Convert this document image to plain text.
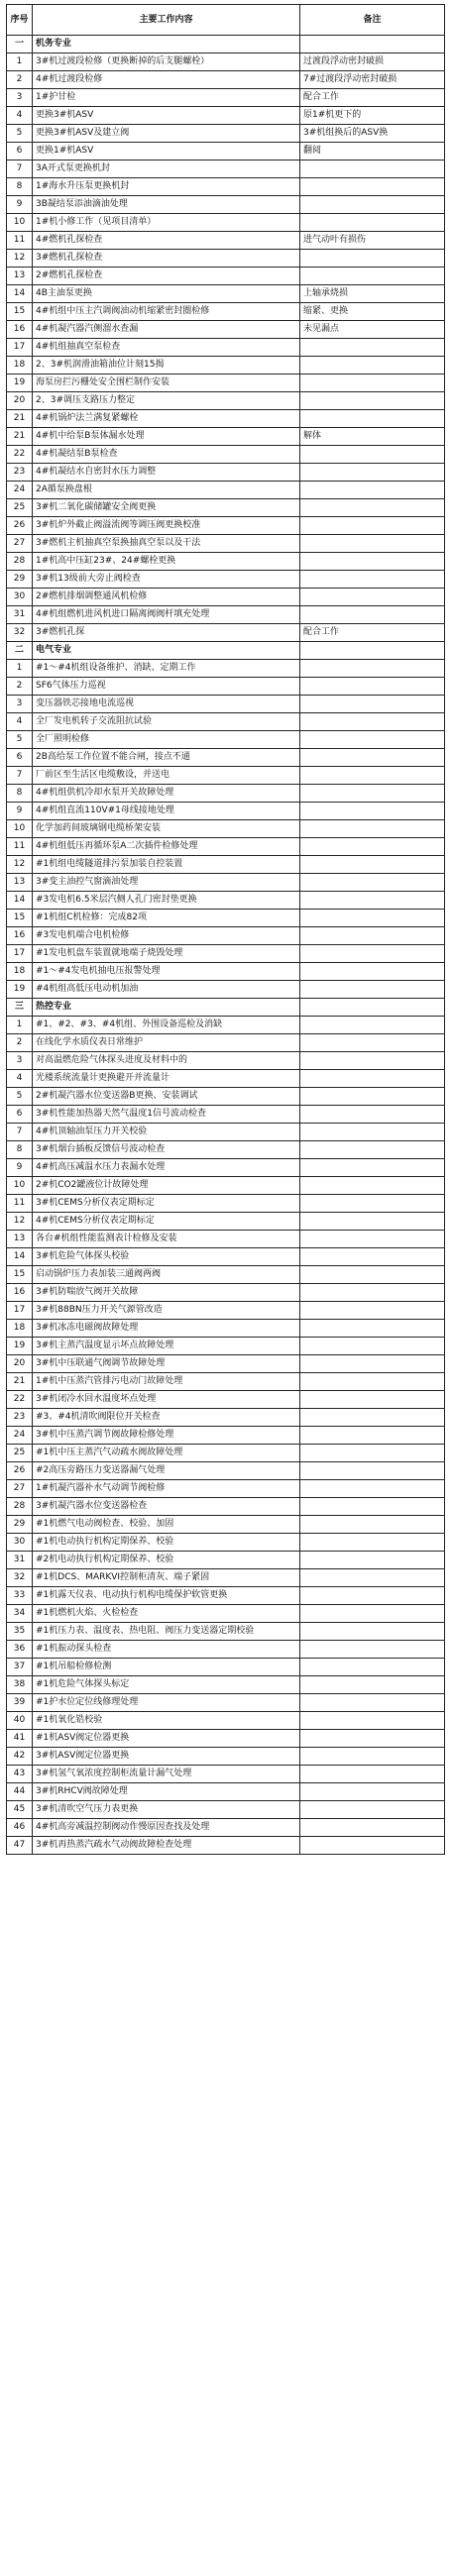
序号	主要工作内容	备注
一	机务专业	
1	3#机过渡段检修（更换断掉的后支腿螺栓）	过渡段浮动密封破损
2	4#机过渡段检修	7#过渡段浮动密封破损
3	1#护甘检	配合工作
4	更换3#机ASV	原1#机更下的
5	更换3#机ASV及建立阀	3#机组换后的ASV换
6	更换1#机ASV	翻阅
7	3A开式泵更换机封	
8	1#海水升压泵更换机封	
9	3B凝结泵添油滴油处理	
10	1#机小修工作（见项目清单）	
11	4#燃机孔探检查	进气动叶有损伤
12	3#燃机孔探检查	
13	2#燃机孔探检查	
14	4B主油泵更换	上轴承烧损
15	4#机组中压主汽调阀油动机缩紧密封圈检修	缩紧、更换
16	4#机凝汽器汽侧溜水查漏	未见漏点
17	4#机组抽真空泵检查	
18	2、3#机润滑油箱油位计刻15揭	
19	海泵房拦污栅处安全围栏制作安装	
20	2、3#调压支路压力整定	
21	4#机锅炉法兰满复紧螺栓	
21	4#机中给泵B泵体漏水处理	解体
22	4#机凝结泵B泵检查	
23	4#机凝结水自密封水压力调整	
24	2A循泵换盘根	
25	3#机二氧化碳储罐安全阀更换	
26	3#机炉外截止阀溢流阀等调压阀更换校准	
27	3#燃机主机抽真空泵换抽真空泵以及干法	
28	1#机高中压缸23#、24#螺栓更换	
29	3#机13级前大旁止阀检查	
30	2#燃机排烟调整通风机检修	
31	4#机组燃机进风机进口隔离阀阀杆填充处理	
32	3#燃机孔探	配合工作
二	电气专业	
1	#1～#4机组设备维护、消缺、定期工作	
2	SF6气体压力巡视	
3	变压器铁芯接地电流巡视	
4	全厂发电机转子交流阻抗试验	
5	全厂照明检修	
6	2B高给泵工作位置不能合闸，接点不通	
7	厂前区至生活区电缆敷设，并送电	
8	4#机组供机冷却水泵开关故障处理	
9	4#机组直流110V#1母线接地处理	
10	化学加药间玻璃钢电缆桥架安装	
11	4#机组低压再循环泵A二次插件检修处理	
12	#1机组电缆隧道排污泵加装自控装置	
13	3#变主油控气窗滴油处理	
14	#3发电机6.5米层汽侧人孔门密封垫更换	
15	#1机组C机检修：完成82项	
16	#3发电机端合电机检修	
17	#1发电机盘车装置就地端子烧毁处理	
18	#1～#4发电机抽电压报警处理	
19	#4机组高低压电动机加油	
三	热控专业	
1	#1、#2、#3、#4机组、外围设备巡检及消缺	
2	在线化学水质仪表日常维护	
3	对高温燃危险气体探头进度及材料中的	
4	光楼系统流量计更换避开并流量计	
5	2#机凝汽器水位变送器B更换、安装调试	
6	3#机性能加热器天然气温度1信号波动检查	
7	4#机顶轴油泵压力开关校验	
8	3#机烟台插板反馈信号波动检查	
9	4#机高压减温水压力表漏水处理	
10	2#机CO2罐液位计故障处理	
11	3#机CEMS分析仪表定期标定	
12	4#机CEMS分析仪表定期标定	
13	各台#机组性能监测表计检修及安装	
14	3#机危险气体探头校验	
15	启动锅炉压力表加装三通阀两阀	
16	3#机防喘放气阀开关故障	
17	3#机88BN压力开关气源管改造	
18	3#机冰冻电磁阀故障处理	
19	3#机主蒸汽温度显示坏点故障处理	
20	3#机中压联通气阀调节故障处理	
21	1#机中压蒸汽管排污电动门故障处理	
22	3#机闭冷水回水温度坏点处理	
23	#3、#4机清吹阀限位开关检查	
24	3#机中压蒸汽调节阀故障检修处理	
25	#1机中压主蒸汽气动疏水阀故障处理	
26	#2高压旁路压力变送器漏气处理	
27	1#机凝汽器补水气动调节阀检修	
28	3#机凝汽器水位变送器检查	
29	#1机燃气电动阀检查、校验、加固	
30	#1机电动执行机构定期保养、校验	
31	#2机电动执行机构定期保养、校验	
32	#1机DCS、MARKVI控制柜清灰、端子紧固	
33	#1机露天仪表、电动执行机构电缆保护软管更换	
34	#1机燃机火焰、火检检查	
35	#1机压力表、温度表、热电阻、阀压力变送器定期校验	
36	#1机振动探头检查	
37	#1机吊船检修检测	
38	#1机危险气体探头标定	
39	#1护水位定位线修理处理	
40	#1机氧化锆校验	
41	#1机ASV阀定位器更换	
42	3#机ASV阀定位器更换	
43	3#机氢气氧浓度控制柜流量计漏气处理	
44	3#机RHCV阀故障处理	
45	3#机清吹空气压力表更换	
46	4#机高旁减温控制阀动作慢原因查找及处理	
47	3#机再热蒸汽疏水气动阀故障检查处理	
